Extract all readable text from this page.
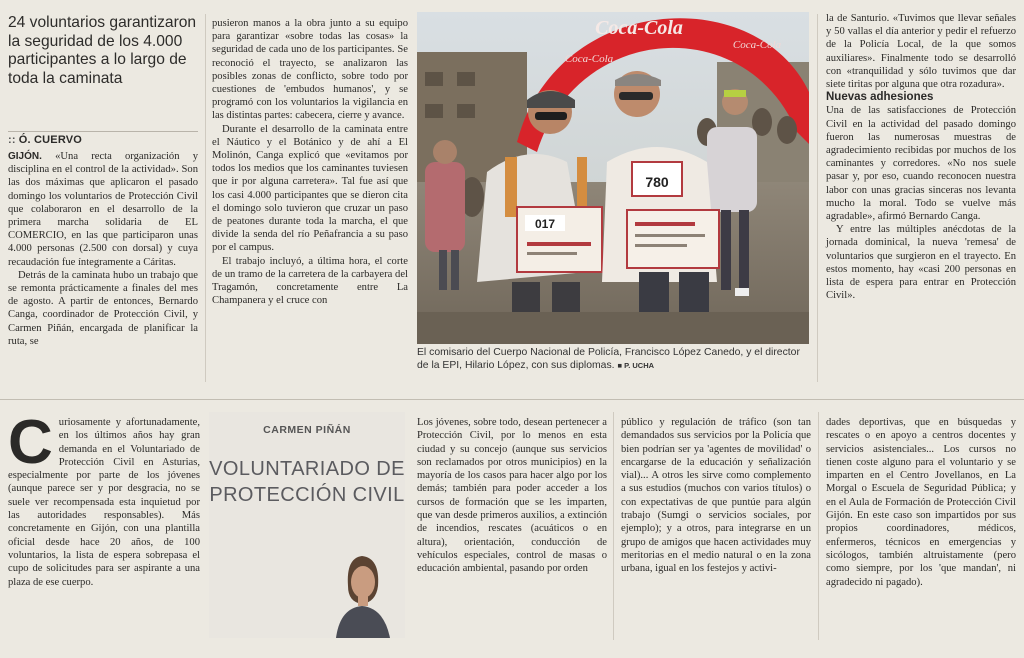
24 voluntarios garantizaron la seguridad de los 4.000 participantes a lo largo de toda la caminata
:: Ó. CUERVO

GIJÓN. «Una recta organización y disciplina en el control de la actividad». Son las dos máximas que aplicaron el pasado domingo los voluntarios de Protección Civil que colaboraron en el desarrollo de la primera marcha solidaria de EL COMERCIO, en las que participaron unas 4.000 personas (2.500 con dorsal) y cuya recaudación fue íntegramente a Cáritas.

Detrás de la caminata hubo un trabajo que se remonta prácticamente a finales del mes de agosto. A partir de entonces, Bernardo Canga, coordinador de Protección Civil, y Carmen Piñán, encargada de planificar la ruta, se

pusieron manos a la obra junto a su equipo para garantizar «sobre todas las cosas» la seguridad de cada uno de los participantes. Se reconoció el trayecto, se analizaron las posibles zonas de conflicto, sobre todo por cuestiones de 'embudos humanos', y se programó con los voluntarios la vigilancia en las distintas partes: cabecera, cierre y avance.

Durante el desarrollo de la caminata entre el Náutico y el Botánico y de ahí a El Molinón, Canga explicó que «evitamos por todos los medios que los caminantes tuviesen que ir por alguna carretera». Tal fue así que los casi 4.000 participantes que se dieron cita el domingo solo tuvieron que cruzar un paso de peatones durante toda la marcha, el que divide la senda del río Peñafrancia a su paso por el campus.

El trabajo incluyó, a última hora, el corte de un tramo de la carretera de la carbayera del Tragamón, concretamente entre La Champanera y el cruce con

Coca-Cola
Coca-Cola
Coca-Cola
017
780
El comisario del Cuerpo Nacional de Policía, Francisco López Canedo, y el director de la EPI, Hilario López, con sus diplomas. ■ P. UCHA

la de Santurio. «Tuvimos que llevar señales y 50 vallas el día anterior y pedir el refuerzo de la Policía Local, de la que somos auxiliares». Finalmente todo se desarrolló con «tranquilidad y sólo tuvimos que dar siete tiritas por alguna que otra rozadura».

Nuevas adhesiones

Una de las satisfacciones de Protección Civil en la actividad del pasado domingo fueron las numerosas muestras de agradecimiento recibidas por muchos de los caminantes y corredores. «No nos suele pasar y, por eso, cuando reconocen nuestra labor con unas gracias sinceras nos levanta mucho la moral. Todo se vuelve más agradable», afirmó Bernardo Canga.

Y entre las múltiples anécdotas de la jornada dominical, la nueva 'remesa' de voluntarios que surgieron en el trayecto. En estos momento, hay «casi 200 personas en lista de espera para entrar en Protección Civil».

Curiosamente y afortunadamente, en los últimos años hay gran demanda en el Voluntariado de Protección Civil en Asturias, especialmente por parte de los jóvenes (aunque parece ser y por desgracia, no se suele ver recompensada esta inquietud por las autoridades responsables). Más concretamente en Gijón, con una plantilla oficial desde hace 20 años, de 100 voluntarios, la lista de espera sobrepasa el cupo de solicitudes para ser aspirante a una plaza de ese cuerpo.
CARMEN PIÑÁN
VOLUNTARIADO DE PROTECCIÓN CIVIL
Los jóvenes, sobre todo, desean pertenecer a Protección Civil, por lo menos en esta ciudad y su concejo (aunque sus servicios son reclamados por otros municipios) en la mayoría de los casos para hacer algo por los demás; también para poder acceder a los cursos de formación que se les imparten, que van desde primeros auxilios, a extinción de incendios, rescates (acuáticos o en altura), orientación, conducción de vehículos especiales, control de masas o educación ambiental, pasando por orden
público y regulación de tráfico (son tan demandados sus servicios por la Policía que bien podrían ser ya 'agentes de movilidad' o encargarse de la educación y señalización vial)... A otros les sirve como complemento a sus estudios (muchos con varios títulos) o con expectativas de que puntúe para algún trabajo (Sumgi o servicios sociales, por ejemplo); y a otros, para integrarse en un grupo de amigos que hacen actividades muy meritorias en el medio natural o en la zona urbana, igual en los festejos y activi-
dades deportivas, que en búsquedas y rescates o en apoyo a centros docentes y servicios asistenciales... Los cursos no tienen coste alguno para el voluntario y se imparten en el Centro Jovellanos, en La Morgal o Escuela de Seguridad Pública; y en el Aula de Formación de Protección Civil Gijón. En este caso son impartidos por sus propios coordinadores, médicos, enfermeros, técnicos en emergencias y sicólogos, también altruistamente (pero como siempre, por los 'que mandan', ni agradecido ni pagado).
